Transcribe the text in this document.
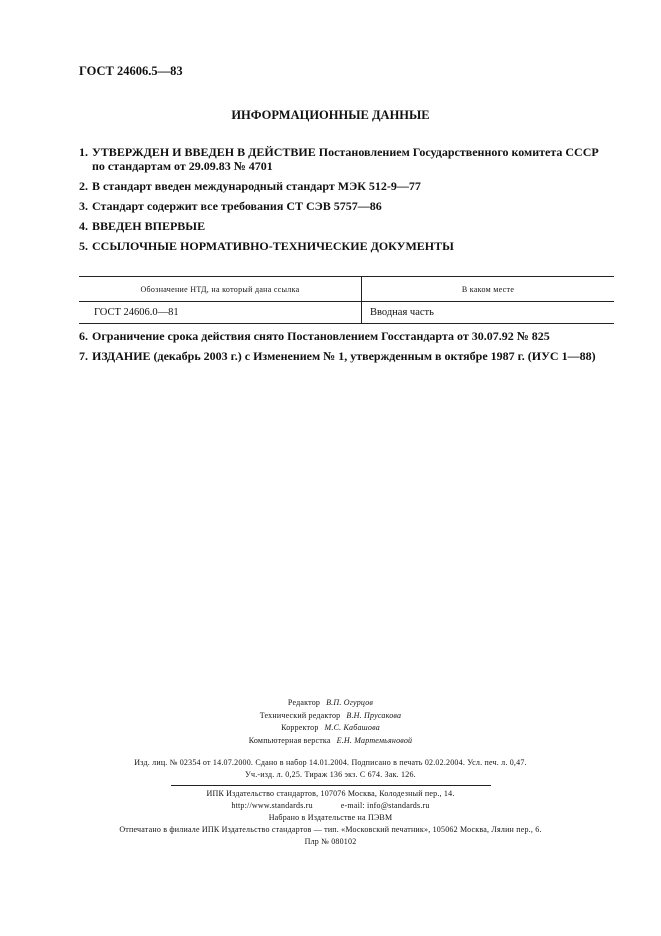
ГОСТ 24606.5—83
ИНФОРМАЦИОННЫЕ ДАННЫЕ
1. УТВЕРЖДЕН И ВВЕДЕН В ДЕЙСТВИЕ Постановлением Государственного комитета СССР по стандартам от 29.09.83 № 4701
2. В стандарт введен международный стандарт МЭК 512-9—77
3. Стандарт содержит все требования СТ СЭВ 5757—86
4. ВВЕДЕН ВПЕРВЫЕ
5. ССЫЛОЧНЫЕ НОРМАТИВНО-ТЕХНИЧЕСКИЕ ДОКУМЕНТЫ
Обозначение НТД, на который дана ссылка	В каком месте
ГОСТ 24606.0—81	Вводная часть
6. Ограничение срока действия снято Постановлением Госстандарта от 30.07.92 № 825
7. ИЗДАНИЕ (декабрь 2003 г.) с Изменением № 1, утвержденным в октябре 1987 г. (ИУС 1—88)
Редактор В.П. Огурцов
Технический редактор В.Н. Прусакова
Корректор М.С. Кабашова
Компьютерная верстка Е.Н. Мартемьяновой
Изд. лиц. № 02354 от 14.07.2000. Сдано в набор 14.01.2004. Подписано в печать 02.02.2004. Усл. печ. л. 0,47.
Уч.-изд. л. 0,25. Тираж 136 экз. С 674. Зак. 126.
ИПК Издательство стандартов, 107076 Москва, Колодезный пер., 14.
http://www.standards.ru	e-mail: info@standards.ru
Набрано в Издательстве на ПЭВМ
Отпечатано в филиале ИПК Издательство стандартов — тип. «Московский печатник», 105062 Москва, Лялин пер., 6.
Плр № 080102
